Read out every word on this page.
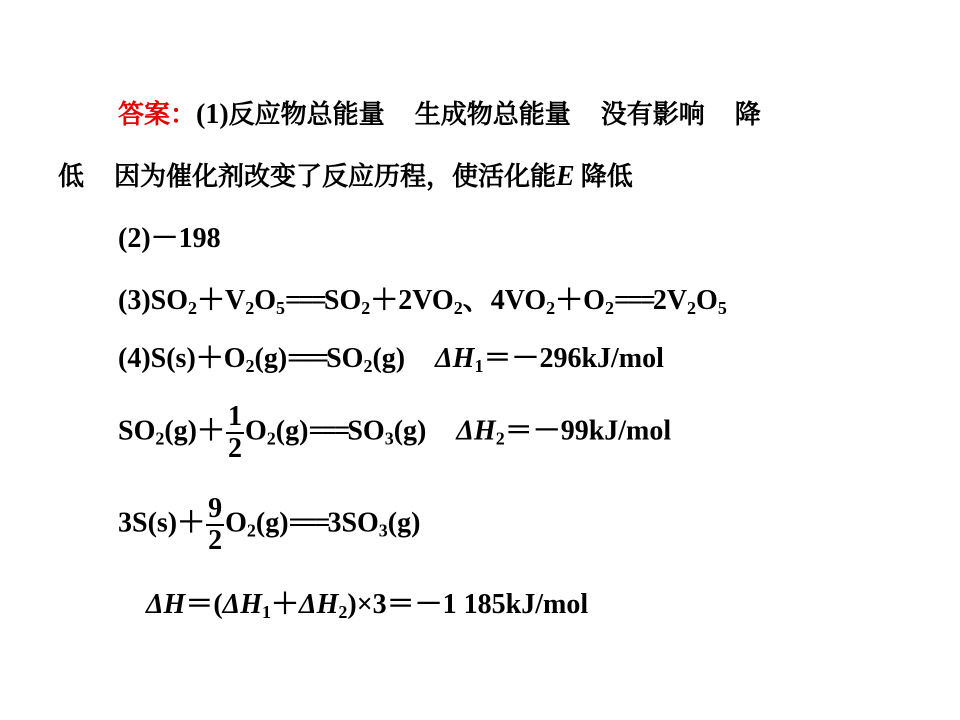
答案：(1)反应物总能量 生成物总能量 没有影响 降
低 因为催化剂改变了反应历程，使活化能E 降低
(2)－198
$(3)SO_2+V_2O_5===SO_2+2VO_2$、$4VO_2+O_2===2V_2O_5$
$(4)S(s)+O_2(g)===SO_2(g)$ $\Delta H_1=-296kJ$/mol
$SO_2(g)+ \frac{1}{2} O_2(g)===SO_3(g)$ $\Delta H_2=-99kJ$/mol
$3S(s)+ \frac{9}{2} O_2(g)===3SO_3(g)$
$\Delta H=(\Delta H_1+\Delta H_2)\times 3=-1$ 185kJ/mol
